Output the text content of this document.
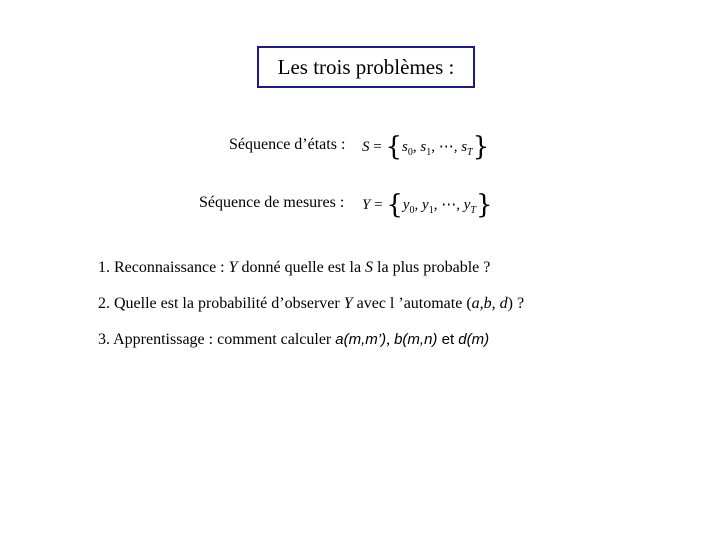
Les trois problèmes :
Séquence d’états : $S = \{s_0$, $s_1$, ⋯, $s_T$}
Séquence de mesures : $Y = \{y_0$, $y_1$, ⋯, $y_T$}
1. Reconnaissance : Y donné quelle est la S la plus probable ?
2. Quelle est la probabilité d’observer Y avec l ’automate (a,b, d) ?
3. Apprentissage : comment calculer a(m,m’), b(m,n) et d(m)
